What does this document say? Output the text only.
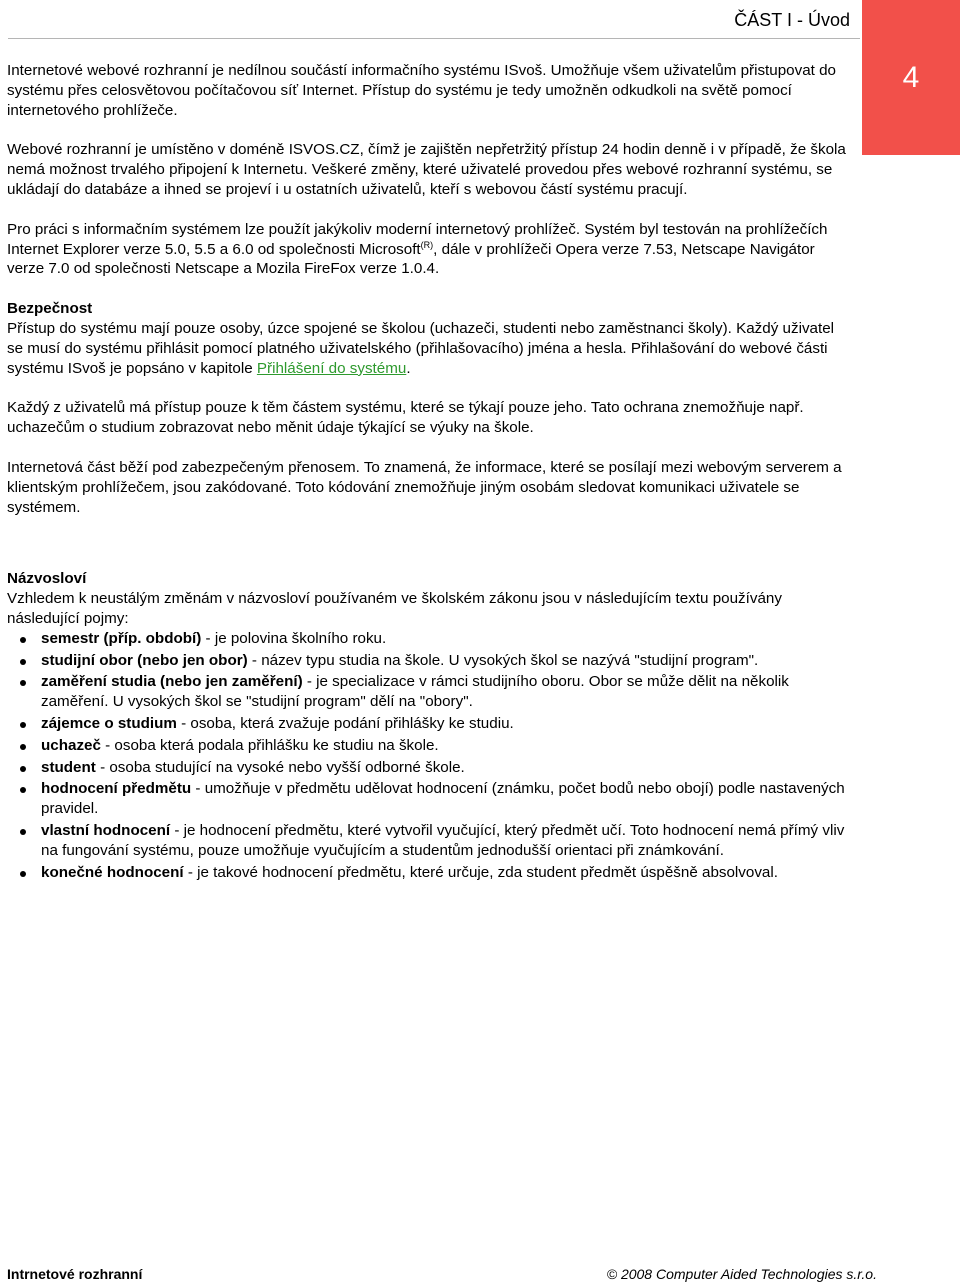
ČÁST I - Úvod
4

Internetové webové rozhranní je nedílnou součástí informačního systému ISvoš. Umožňuje všem uživatelům přistupovat do systému přes celosvětovou počítačovou síť Internet. Přístup do systému je tedy umožněn odkudkoli na světě pomocí internetového prohlížeče.

Webové rozhranní je umístěno v doméně ISVOS.CZ, čímž je zajištěn nepřetržitý přístup 24 hodin denně i v případě, že škola nemá možnost trvalého připojení k Internetu. Veškeré změny, které uživatelé provedou přes webové rozhranní systému, se ukládají do databáze a ihned se projeví i u ostatních uživatelů, kteří s webovou částí systému pracují.

Pro práci s informačním systémem lze použít jakýkoliv moderní internetový prohlížeč. Systém byl testován na prohlížečích Internet Explorer verze 5.0, 5.5 a 6.0 od společnosti Microsoft$^{(R)}$, dále v prohlížeči Opera verze 7.53, Netscape Navigátor verze 7.0 od společnosti Netscape a Mozila FireFox verze 1.0.4.

Bezpečnost

Přístup do systému mají pouze osoby, úzce spojené se školou (uchazeči, studenti nebo zaměstnanci školy). Každý uživatel se musí do systému přihlásit pomocí platného uživatelského (přihlašovacího) jména a hesla. Přihlašování do webové části systému ISvoš je popsáno v kapitole Přihlášení do systému.

Každý z uživatelů má přístup pouze k těm částem systému, které se týkají pouze jeho. Tato ochrana znemožňuje např. uchazečům o studium zobrazovat nebo měnit údaje týkající se výuky na škole.

Internetová část běží pod zabezpečeným přenosem. To znamená, že informace, které se posílají mezi webovým serverem a klientským prohlížečem, jsou zakódované. Toto kódování znemožňuje jiným osobám sledovat komunikaci uživatele se systémem.

Názvosloví
Vzhledem k neustálým změnám v názvosloví používaném ve školském zákonu jsou v následujícím textu používány následující pojmy:
semestr (příp. období) - je polovina školního roku.
studijní obor (nebo jen obor) - název typu studia na škole. U vysokých škol se nazývá "studijní program".
zaměření studia (nebo jen zaměření) - je specializace v rámci studijního oboru. Obor se může dělit na několik zaměření. U vysokých škol se "studijní program" dělí na "obory".
zájemce o studium - osoba, která zvažuje podání přihlášky ke studiu.
uchazeč - osoba která podala přihlášku ke studiu na škole.
student - osoba studující na vysoké nebo vyšší odborné škole.
hodnocení předmětu - umožňuje v předmětu udělovat hodnocení (známku, počet bodů nebo obojí) podle nastavených pravidel.
vlastní hodnocení - je hodnocení předmětu, které vytvořil vyučující, který předmět učí. Toto hodnocení nemá přímý vliv na fungování systému, pouze umožňuje vyučujícím a studentům jednodušší orientaci při známkování.
konečné hodnocení - je takové hodnocení předmětu, které určuje, zda student předmět úspěšně absolvoval.
Intrnetové rozhranní	© 2008 Computer Aided Technologies s.r.o.
